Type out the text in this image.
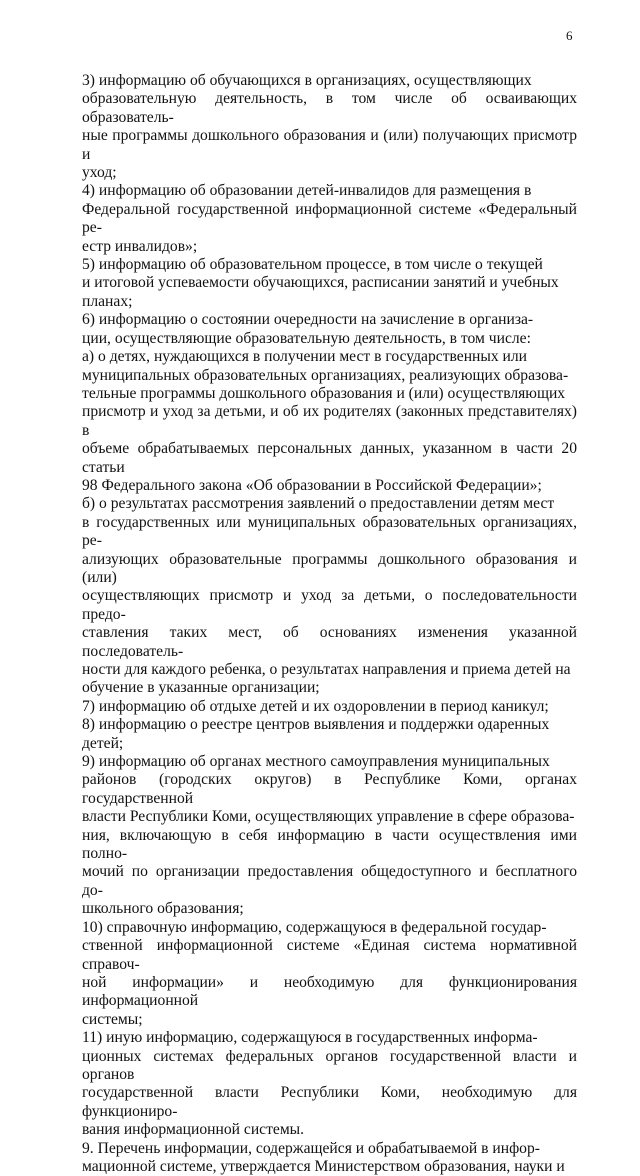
6

3) информацию об обучающихся в организациях, осуществляющих
образовательную деятельность, в том числе об осваивающих образователь-
ные программы дошкольного образования и (или) получающих присмотр и
уход;

4) информацию об образовании детей-инвалидов для размещения в
Федеральной государственной информационной системе «Федеральный ре-
естр инвалидов»;

5) информацию об образовательном процессе, в том числе о текущей
и итоговой успеваемости обучающихся, расписании занятий и учебных
планах;

6) информацию о состоянии очередности на зачисление в организа-
ции, осуществляющие образовательную деятельность, в том числе:

а) о детях, нуждающихся в получении мест в государственных или
муниципальных образовательных организациях, реализующих образова-
тельные программы дошкольного образования и (или) осуществляющих
присмотр и уход за детьми, и об их родителях (законных представителях) в
объеме обрабатываемых персональных данных, указанном в части 20 статьи
98 Федерального закона «Об образовании в Российской Федерации»;

б) о результатах рассмотрения заявлений о предоставлении детям мест
в государственных или муниципальных образовательных организациях, ре-
ализующих образовательные программы дошкольного образования и (или)
осуществляющих присмотр и уход за детьми, о последовательности предо-
ставления таких мест, об основаниях изменения указанной последователь-
ности для каждого ребенка, о результатах направления и приема детей на
обучение в указанные организации;

7) информацию об отдыхе детей и их оздоровлении в период каникул;

8) информацию о реестре центров выявления и поддержки одаренных
детей;

9) информацию об органах местного самоуправления муниципальных
районов (городских округов) в Республике Коми, органах государственной
власти Республики Коми, осуществляющих управление в сфере образова-
ния, включающую в себя информацию в части осуществления ими полно-
мочий по организации предоставления общедоступного и бесплатного до-
школьного образования;

10) справочную информацию, содержащуюся в федеральной государ-
ственной информационной системе «Единая система нормативной справоч-
ной информации» и необходимую для функционирования информационной
системы;

11) иную информацию, содержащуюся в государственных информа-
ционных системах федеральных органов государственной власти и органов
государственной власти Республики Коми, необходимую для функциониро-
вания информационной системы.

9. Перечень информации, содержащейся и обрабатываемой в инфор-
мационной системе, утверждается Министерством образования, науки и
